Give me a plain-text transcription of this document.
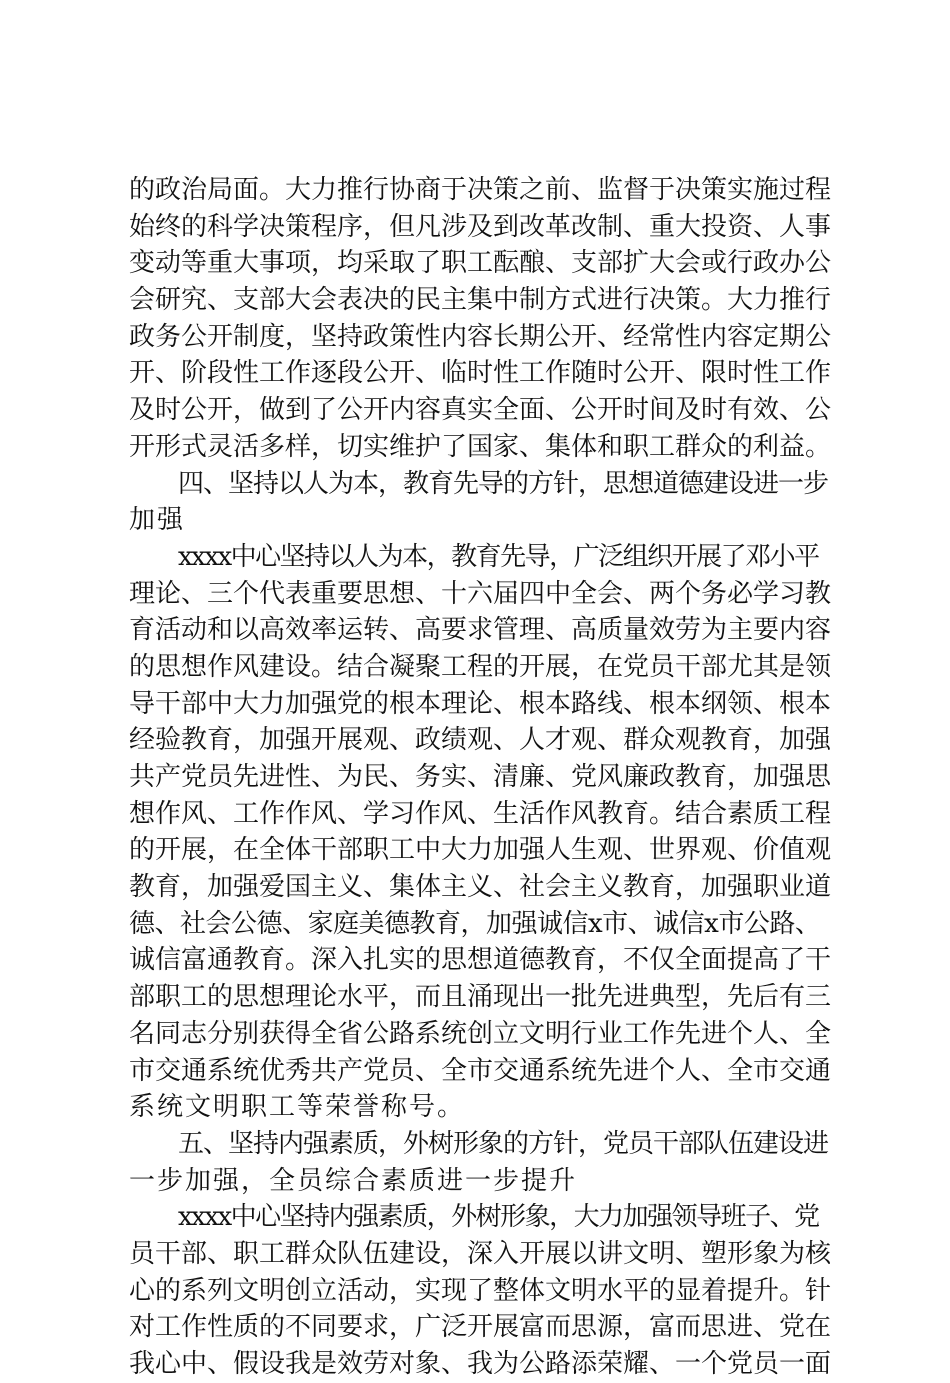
的政治局面。大力推行协商于决策之前、监督于决策实施过程
始终的科学决策程序，但凡涉及到改革改制、重大投资、人事
变动等重大事项，均采取了职工酝酿、支部扩大会或行政办公
会研究、支部大会表决的民主集中制方式进行决策。大力推行
政务公开制度，坚持政策性内容长期公开、经常性内容定期公
开、阶段性工作逐段公开、临时性工作随时公开、限时性工作
及时公开，做到了公开内容真实全面、公开时间及时有效、公
开形式灵活多样，切实维护了国家、集体和职工群众的利益。
四、坚持以人为本，教育先导的方针，思想道德建设进一步
加强
xxxx中心坚持以人为本，教育先导，广泛组织开展了邓小平
理论、三个代表重要思想、十六届四中全会、两个务必学习教
育活动和以高效率运转、高要求管理、高质量效劳为主要内容
的思想作风建设。结合凝聚工程的开展，在党员干部尤其是领
导干部中大力加强党的根本理论、根本路线、根本纲领、根本
经验教育，加强开展观、政绩观、人才观、群众观教育，加强
共产党员先进性、为民、务实、清廉、党风廉政教育，加强思
想作风、工作作风、学习作风、生活作风教育。结合素质工程
的开展，在全体干部职工中大力加强人生观、世界观、价值观
教育，加强爱国主义、集体主义、社会主义教育，加强职业道
德、社会公德、家庭美德教育，加强诚信x市、诚信x市公路、
诚信富通教育。深入扎实的思想道德教育，不仅全面提高了干
部职工的思想理论水平，而且涌现出一批先进典型，先后有三
名同志分别获得全省公路系统创立文明行业工作先进个人、全
市交通系统优秀共产党员、全市交通系统先进个人、全市交通
系统文明职工等荣誉称号。
五、坚持内强素质，外树形象的方针，党员干部队伍建设进
一步加强，全员综合素质进一步提升
xxxx中心坚持内强素质，外树形象，大力加强领导班子、党
员干部、职工群众队伍建设，深入开展以讲文明、塑形象为核
心的系列文明创立活动，实现了整体文明水平的显着提升。针
对工作性质的不同要求，广泛开展富而思源，富而思进、党在
我心中、假设我是效劳对象、我为公路添荣耀、一个党员一面
